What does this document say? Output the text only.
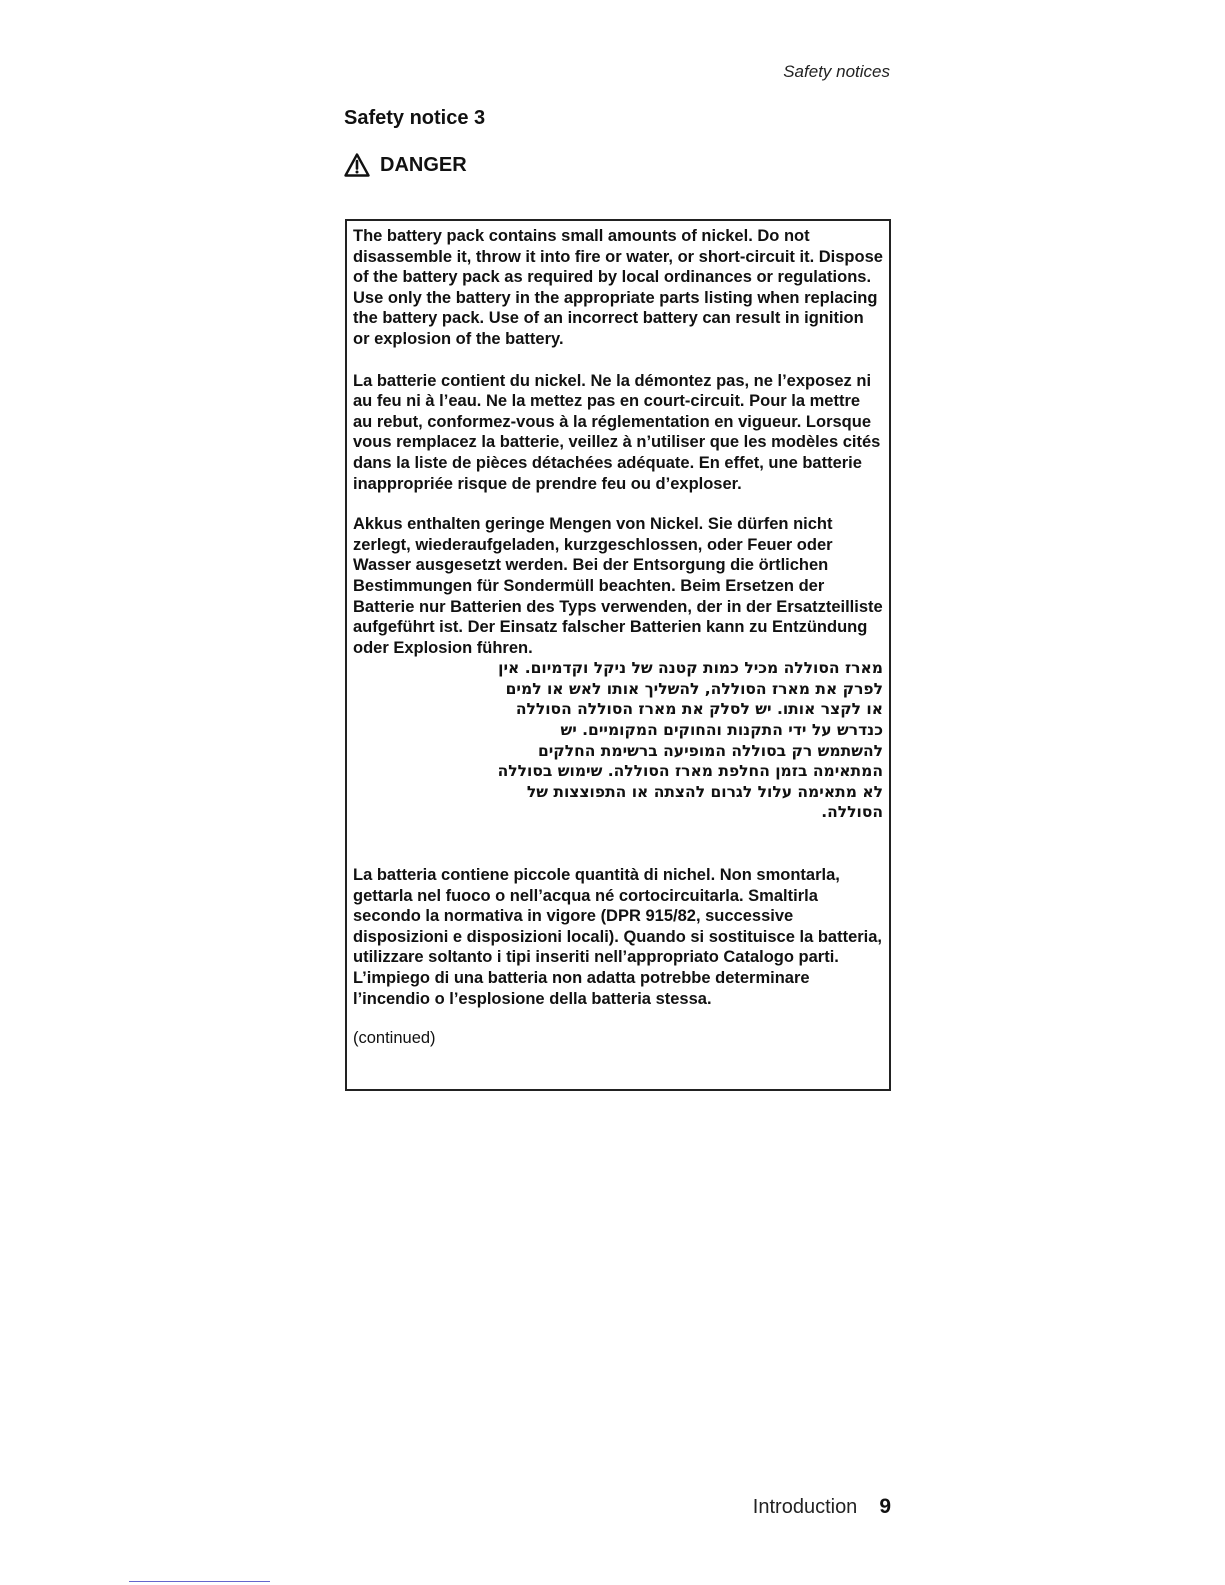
Safety notices
Safety notice 3
DANGER

The battery pack contains small amounts of nickel. Do not disassemble it, throw it into fire or water, or short-circuit it. Dispose of the battery pack as required by local ordinances or regulations. Use only the battery in the appropriate parts listing when replacing the battery pack. Use of an incorrect battery can result in ignition or explosion of the battery.

La batterie contient du nickel. Ne la démontez pas, ne l’exposez ni au feu ni à l’eau. Ne la mettez pas en court-circuit. Pour la mettre au rebut, conformez-vous à la réglementation en vigueur. Lorsque vous remplacez la batterie, veillez à n’utiliser que les modèles cités dans la liste de pièces détachées adéquate. En effet, une batterie inappropriée risque de prendre feu ou d’exploser.

Akkus enthalten geringe Mengen von Nickel. Sie dürfen nicht zerlegt, wiederaufgeladen, kurzgeschlossen, oder Feuer oder Wasser ausgesetzt werden. Bei der Entsorgung die örtlichen Bestimmungen für Sondermüll beachten. Beim Ersetzen der Batterie nur Batterien des Typs verwenden, der in der Ersatzteilliste aufgeführt ist. Der Einsatz falscher Batterien kann zu Entzündung oder Explosion führen.

מארז הסוללה מכיל כמות קטנה של ניקל וקדמיום. אין לפרק את מארז הסוללה, להשליך אותו לאש או למים או לקצר אותו. יש לסלק את מארז הסוללה הסוללה כנדרש על ידי התקנות והחוקים המקומיים. יש להשתמש רק בסוללה המופיעה ברשימת החלקים המתאימה בזמן החלפת מארז הסוללה. שימוש בסוללה לא מתאימה עלול לגרום להצתה או התפוצצות של הסוללה.

La batteria contiene piccole quantità di nichel. Non smontarla, gettarla nel fuoco o nell’acqua né cortocircuitarla. Smaltirla secondo la normativa in vigore (DPR 915/82, successive disposizioni e disposizioni locali). Quando si sostituisce la batteria, utilizzare soltanto i tipi inseriti nell’appropriato Catalogo parti. L’impiego di una batteria non adatta potrebbe determinare l’incendio o l’esplosione della batteria stessa.

(continued)

Introduction 9
